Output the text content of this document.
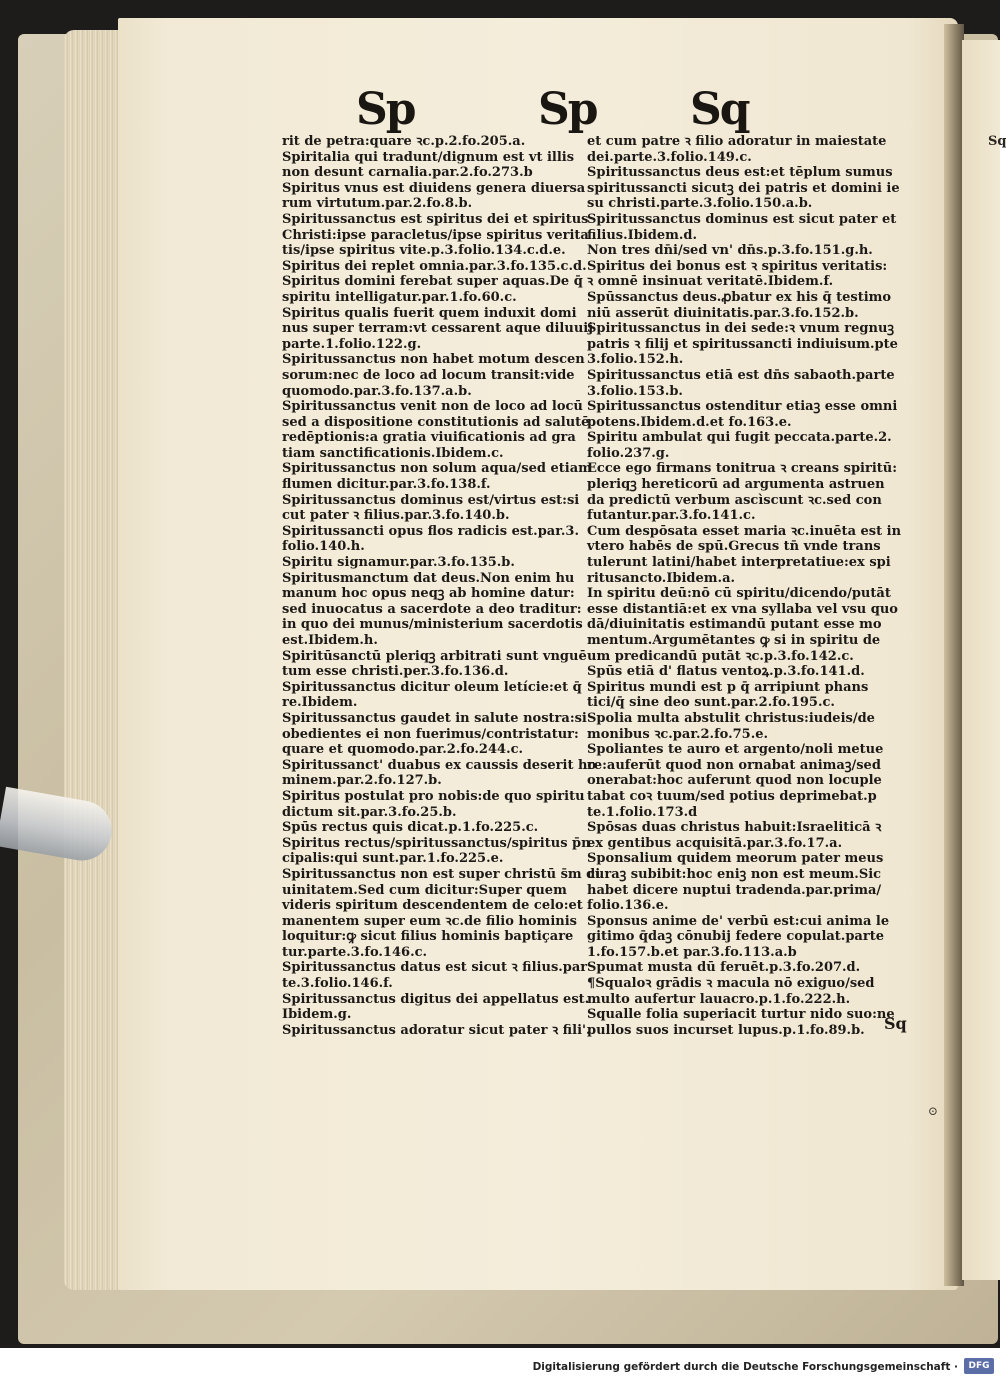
Sq
Sp	Sp Sq
rit de petra:quare ꝛc.p.2.fo.205.a.
Spiritalia qui tradunt/dignum est vt illis
non desunt carnalia.par.2.fo.273.b
Spiritus vnus est diuidens genera diuersa
rum virtutum.par.2.fo.8.b.
Spiritussanctus est spiritus dei et spiritus
Christi:ipse paracletus/ipse spiritus verita
tis/ipse spiritus vite.p.3.folio.134.c.d.e.
Spiritus dei replet omnia.par.3.fo.135.c.d.
Spiritus domini ferebat super aquas.De q̄
spiritu intelligatur.par.1.fo.60.c.
Spiritus qualis fuerit quem induxit domi
nus super terram:vt cessarent aque diluuij
parte.1.folio.122.g.
Spiritussanctus non habet motum descen
sorum:nec de loco ad locum transit:vide
quomodo.par.3.fo.137.a.b.
Spiritussanctus venit non de loco ad locū
sed a dispositione constitutionis ad salutē
redēptionis:a gratia viuificationis ad gra
tiam sanctificationis.Ibidem.c.
Spiritussanctus non solum aqua/sed etiam
flumen dicitur.par.3.fo.138.f.
Spiritussanctus dominus est/virtus est:si
cut pater ꝛ filius.par.3.fo.140.b.
Spiritussancti opus flos radicis est.par.3.
folio.140.h.
Spiritu signamur.par.3.fo.135.b.
Spiritusmanctum dat deus.Non enim hu
manum hoc opus neqꝫ ab homine datur:
sed inuocatus a sacerdote a deo traditur:
in quo dei munus/ministerium sacerdotis
est.Ibidem.h.
Spiritūsanctū pleriqꝫ arbitrati sunt vnguē
tum esse christi.per.3.fo.136.d.
Spiritussanctus dicitur oleum letície:et q̄
re.Ibidem.
Spiritussanctus gaudet in salute nostra:si
obedientes ei non fuerimus/contristatur:
quare et quomodo.par.2.fo.244.c.
Spiritussanct' duabus ex caussis deserit ho
minem.par.2.fo.127.b.
Spiritus postulat pro nobis:de quo spiritu
dictum sit.par.3.fo.25.b.
Spūs rectus quis dicat.p.1.fo.225.c.
Spiritus rectus/spiritussanctus/spiritus p̄n
cipalis:qui sunt.par.1.fo.225.e.
Spiritussanctus non est super christū s̄m di
uinitatem.Sed cum dicitur:Super quem
videris spiritum descendentem de celo:et
manentem super eum ꝛc.de filio hominis
loquitur:ꝙ sicut filius hominis baptiçare
tur.parte.3.fo.146.c.
Spiritussanctus datus est sicut ꝛ filius.par
te.3.folio.146.f.
Spiritussanctus digitus dei appellatus est.
Ibidem.g.
Spiritussanctus adoratur sicut pater ꝛ fili'.
et cum patre ꝛ filio adoratur in maiestate
dei.parte.3.folio.149.c.
Spiritussanctus deus est:et tēplum sumus
spiritussancti sicutꝫ dei patris et domini ie
su christi.parte.3.folio.150.a.b.
Spiritussanctus dominus est sicut pater et
filius.Ibidem.d.
Non tres dn̄i/sed vn' dn̄s.p.3.fo.151.g.h.
Spiritus dei bonus est ꝛ spiritus veritatis:
ꝛ omnē insinuat veritatē.Ibidem.f.
Spūssanctus deus.ꝓbatur ex his q̄ testimo
niū asserūt diuinitatis.par.3.fo.152.b.
Spiritussanctus in dei sede:ꝛ vnum regnuꝫ
patris ꝛ filij et spiritussancti indiuisum.pte
3.folio.152.h.
Spiritussanctus etiā est dn̄s sabaoth.parte
3.folio.153.b.
Spiritussanctus ostenditur etiaꝫ esse omni
potens.Ibidem.d.et fo.163.e.
Spiritu ambulat qui fugit peccata.parte.2.
folio.237.g.
Ecce ego firmans tonitrua ꝛ creans spiritū:
pleriqꝫ hereticorū ad argumenta astruen
da predictū verbum ascìscunt ꝛc.sed con
futantur.par.3.fo.141.c.
Cum despōsata esset maria ꝛc.inuēta est in
vtero habēs de spū.Grecus tn̄ vnde trans
tulerunt latini/habet interpretatiue:ex spi
ritusancto.Ibidem.a.
In spiritu deū:nō cū spiritu/dicendo/putāt
esse distantiā:et ex vna syllaba vel vsu quo
dā/diuinitatis estimandū putant esse mo
mentum.Argumētantes ꝙ si in spiritu de
um predicandū putāt ꝛc.p.3.fo.142.c.
Spūs etiā d' flatus ventoꝝ.p.3.fo.141.d.
Spiritus mundi est p q̄ arripiunt phans
tici/q̄ sine deo sunt.par.2.fo.195.c.
Spolia multa abstulit christus:iudeis/de
monibus ꝛc.par.2.fo.75.e.
Spoliantes te auro et argento/noli metue
re:auferūt quod non ornabat animaꝫ/sed
onerabat:hoc auferunt quod non locuple
tabat coꝛ tuum/sed potius deprimebat.p
te.1.folio.173.d
Spōsas duas christus habuit:Israeliticā ꝛ
ex gentibus acquisitā.par.3.fo.17.a.
Sponsalium quidem meorum pater meus
curaꝫ subibit:hoc eniꝫ non est meum.Sic
habet dicere nuptui tradenda.par.prima/
folio.136.e.
Sponsus anime de' verbū est:cui anima le
gitimo q̄daꝫ cōnubij federe copulat.parte
1.fo.157.b.et par.3.fo.113.a.b
Spumat musta dū feruēt.p.3.fo.207.d.
¶Squaloꝛ grādis ꝛ macula nō exiguo/sed
multo aufertur lauacro.p.1.fo.222.h.
Squalle folia superiacit turtur nido suo:ne
pullos suos incurset lupus.p.1.fo.89.b.	Sq
⊙
Digitalisierung gefördert durch die Deutsche Forschungsgemeinschaft ·	DFG
